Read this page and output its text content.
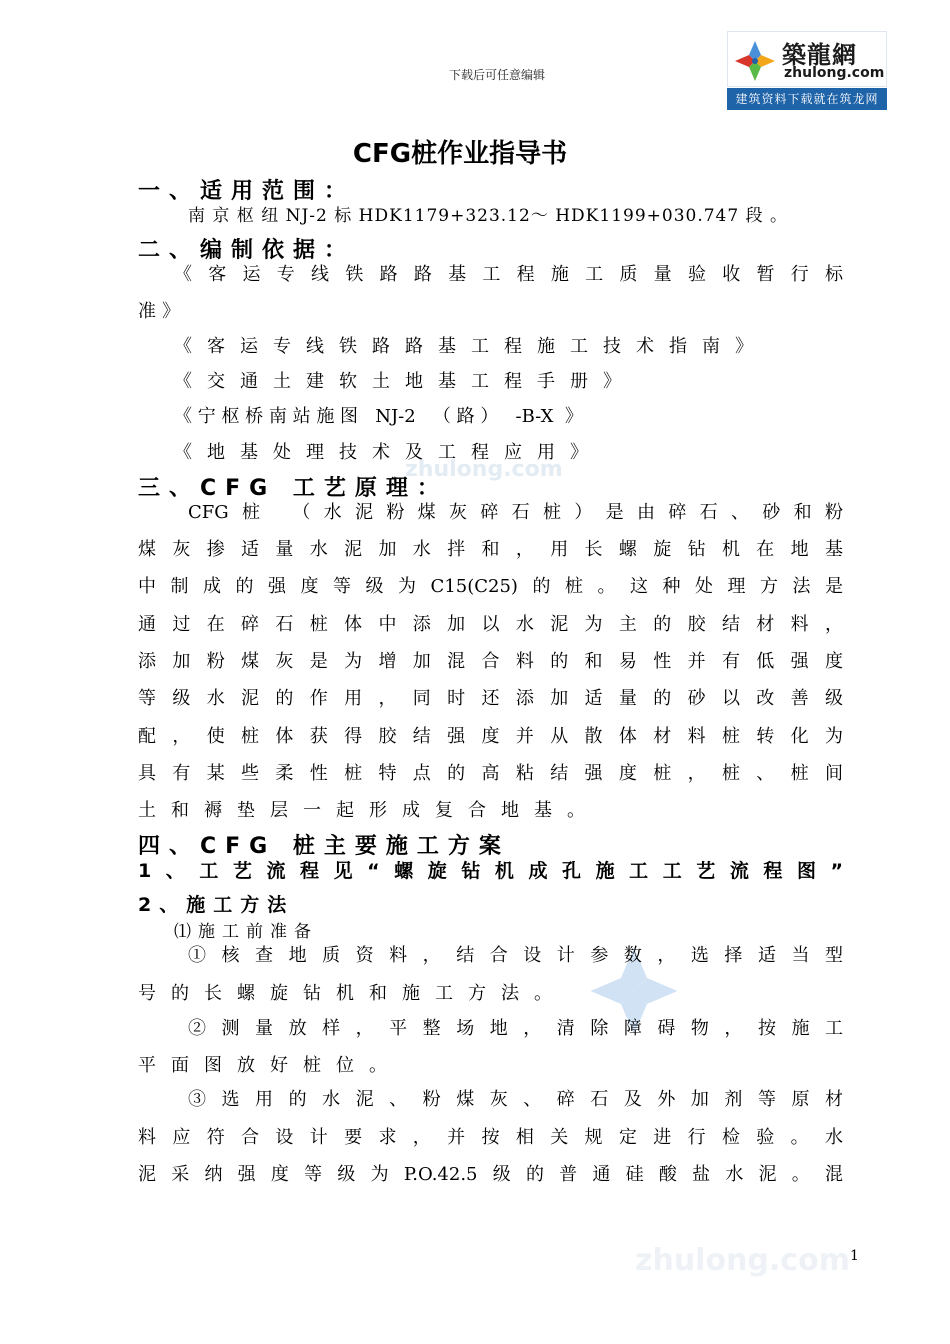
下载后可任意编辑
築龍網
zhulong.com
建筑资料下载就在筑龙网
zhulong.com
zhulong.com
CFG桩作业指导书
一、适用范围：
南 京 枢 纽 NJ-2 标 HDK1179+323.12～ HDK1199+030.747 段 。
二、编制依据：
《客运专线铁路路基工程施工质量验收暂行标
准》
《客运专线铁路路基工程施工技术指南》
《交通土建软土地基工程手册》
《 宁 枢 桥 南 站 施 图   NJ-2   （ 路 ）   -B-X  》
《地基处理技术及工程应用》
三、CFG 工艺原理：
CFG桩 （水泥粉煤灰碎石桩）是由碎石、砂和粉
煤灰掺适量水泥加水拌和，用长螺旋钻机在地基
中制成的强度等级为C15(C25)的桩。这种处理方法是
通过在碎石桩体中添加以水泥为主的胶结材料，
添加粉煤灰是为增加混合料的和易性并有低强度
等级水泥的作用，同时还添加适量的砂以改善级
配，使桩体获得胶结强度并从散体材料桩转化为
具有某些柔性桩特点的高粘结强度桩，桩、桩间
土和褥垫层一起形成复合地基。
四、CFG 桩主要施工方案
1、工艺流程见“螺旋钻机成孔施工工艺流程图”
2、施工方法
⑴施工前准备
①核查地质资料，结合设计参数，选择适当型
号的长螺旋钻机和施工方法。
②测量放样，平整场地，清除障碍物，按施工
平面图放好桩位。
③选用的水泥、粉煤灰、碎石及外加剂等原材
料应符合设计要求，并按相关规定进行检验。水
泥采纳强度等级为P.O.42.5级的普通硅酸盐水泥。混
1
